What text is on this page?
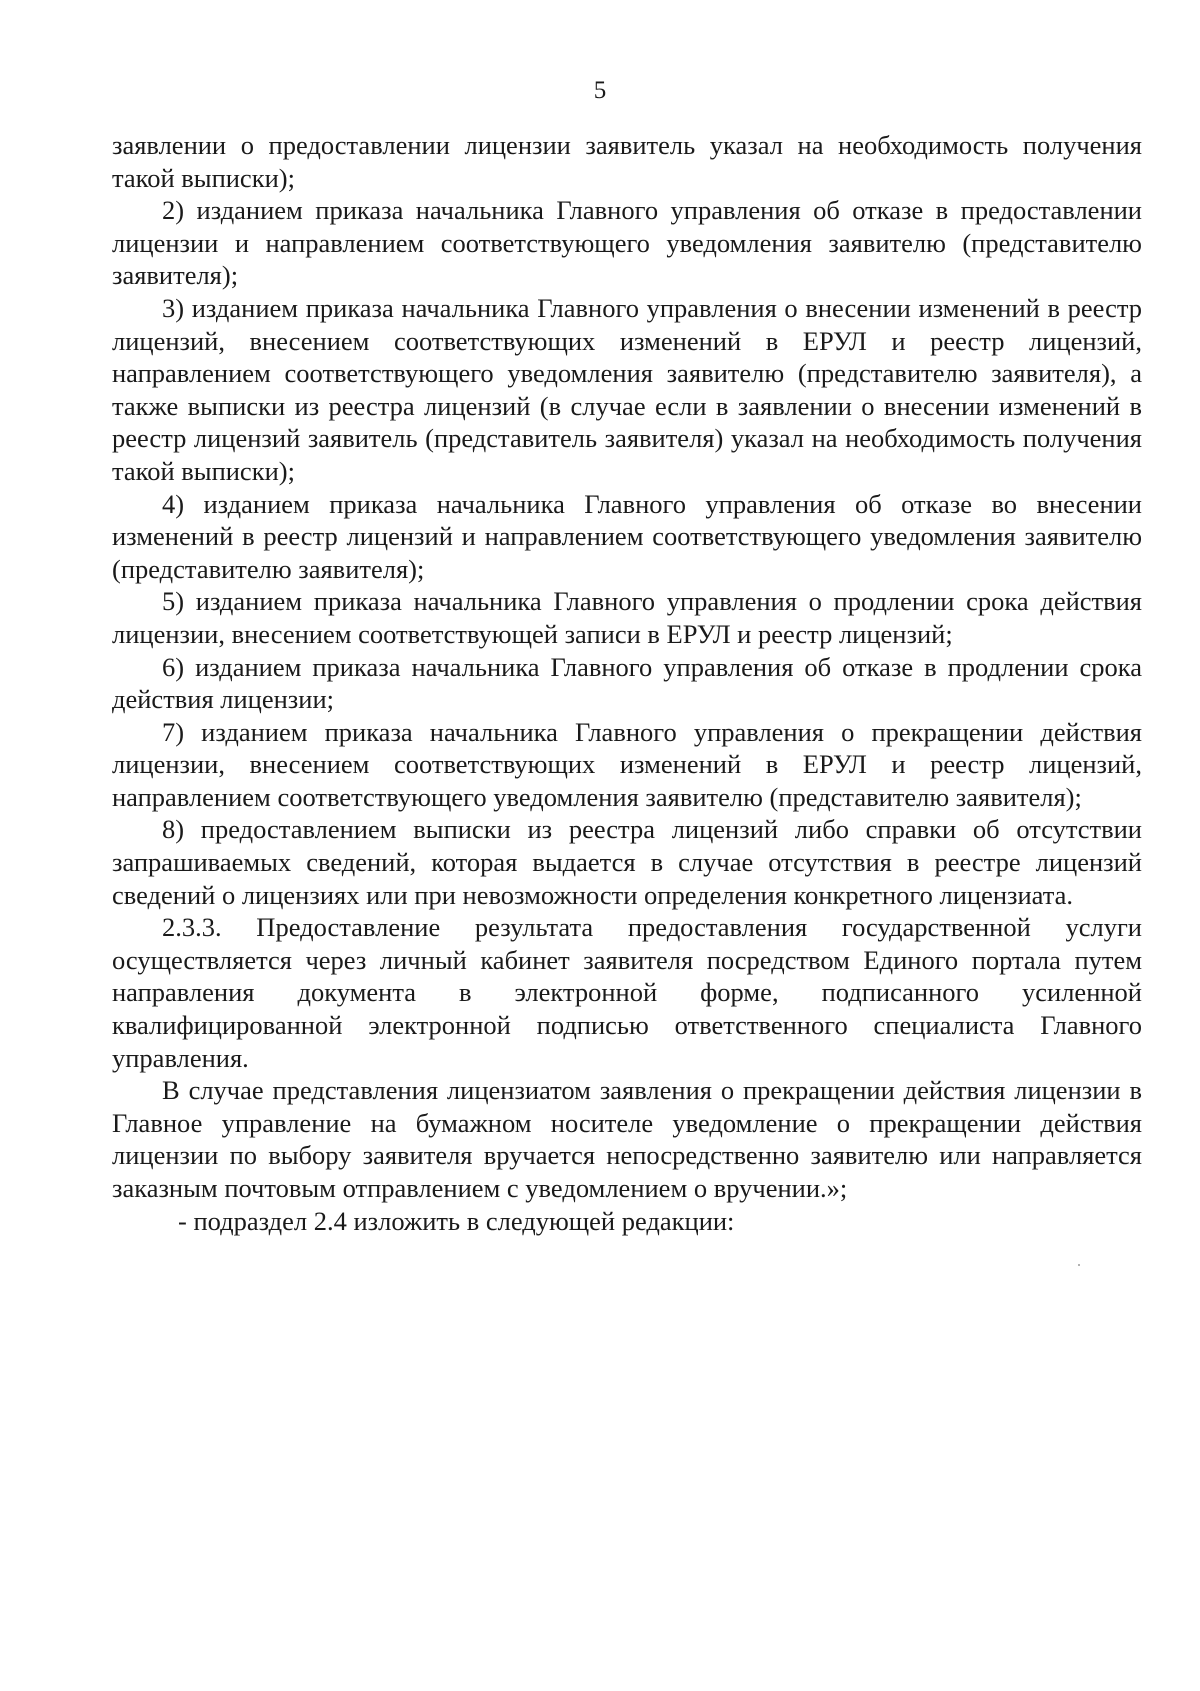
5

заявлении о предоставлении лицензии заявитель указал на необходимость получения такой выписки);

2) изданием приказа начальника Главного управления об отказе в предоставлении лицензии и направлением соответствующего уведомления заявителю (представителю заявителя);

3) изданием приказа начальника Главного управления о внесении изменений в реестр лицензий, внесением соответствующих изменений в ЕРУЛ и реестр лицензий, направлением соответствующего уведомления заявителю (представителю заявителя), а также выписки из реестра лицензий (в случае если в заявлении о внесении изменений в реестр лицензий заявитель (представитель заявителя) указал на необходимость получения такой выписки);

4) изданием приказа начальника Главного управления об отказе во внесении изменений в реестр лицензий и направлением соответствующего уведомления заявителю (представителю заявителя);

5) изданием приказа начальника Главного управления о продлении срока действия лицензии, внесением соответствующей записи в ЕРУЛ и реестр лицензий;

6) изданием приказа начальника Главного управления об отказе в продлении срока действия лицензии;

7) изданием приказа начальника Главного управления о прекращении действия лицензии, внесением соответствующих изменений в ЕРУЛ и реестр лицензий, направлением соответствующего уведомления заявителю (представителю заявителя);

8) предоставлением выписки из реестра лицензий либо справки об отсутствии запрашиваемых сведений, которая выдается в случае отсутствия в реестре лицензий сведений о лицензиях или при невозможности определения конкретного лицензиата.

2.3.3. Предоставление результата предоставления государственной услуги осуществляется через личный кабинет заявителя посредством Единого портала путем направления документа в электронной форме, подписанного усиленной квалифицированной электронной подписью ответственного специалиста Главного управления.

В случае представления лицензиатом заявления о прекращении действия лицензии в Главное управление на бумажном носителе уведомление о прекращении действия лицензии по выбору заявителя вручается непосредственно заявителю или направляется заказным почтовым отправлением с уведомлением о вручении.»;

- подраздел 2.4 изложить в следующей редакции:
